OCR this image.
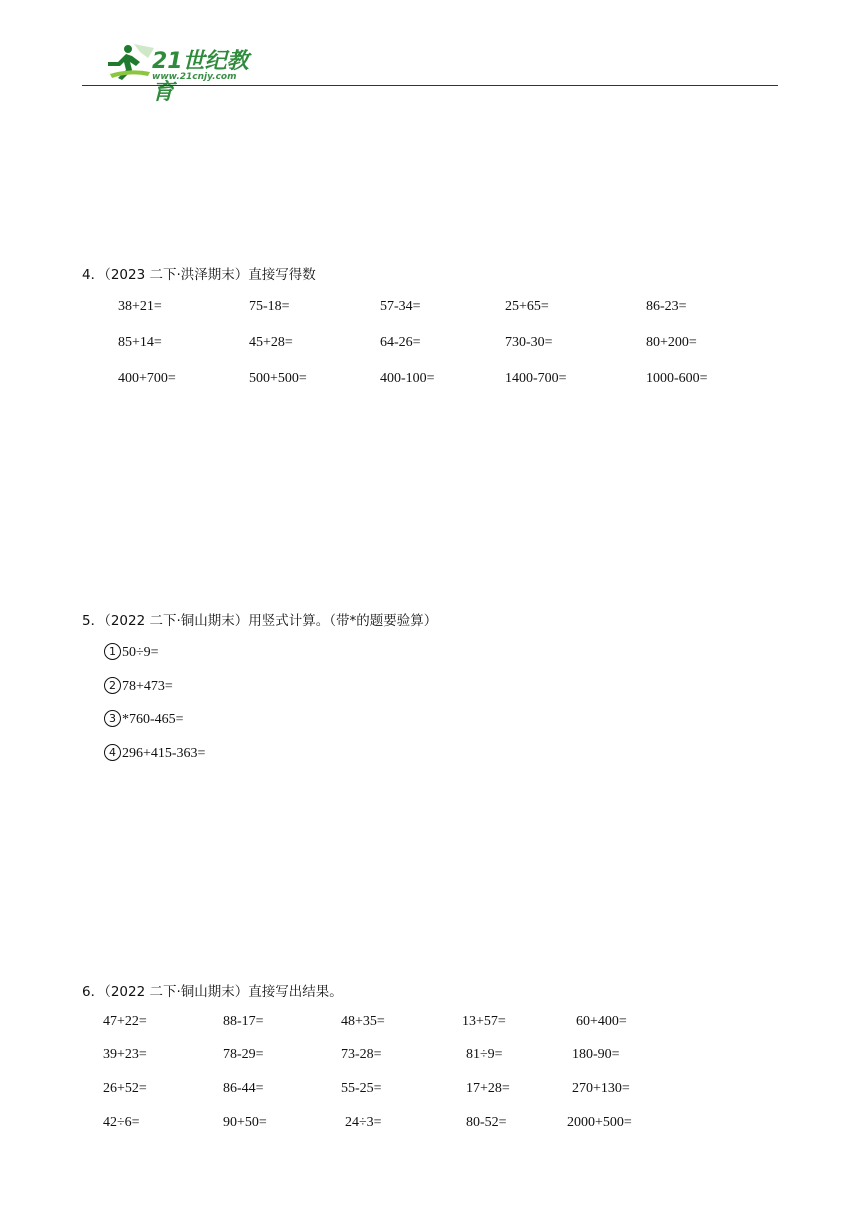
21世纪教育
www.21cnjy.com
4．（2023 二下·洪泽期末）直接写得数
38+21=	75-18=	57-34=	25+65=	86-23=
85+14=	45+28=	64-26=	730-30=	80+200=
400+700=	500+500=	400-100=	1400-700=	1000-600=
5．（2022 二下·铜山期末）用竖式计算。（带*的题要验算）
1 50÷9=
2 78+473=
3 *760-465=
4 296+415-363=
6．（2022 二下·铜山期末）直接写出结果。
47+22=	88-17=	48+35=	13+57=	60+400=
39+23=	78-29=	73-28=	81÷9=	180-90=
26+52=	86-44=	55-25=	17+28=	270+130=
42÷6=	90+50=	24÷3=	80-52=	2000+500=
